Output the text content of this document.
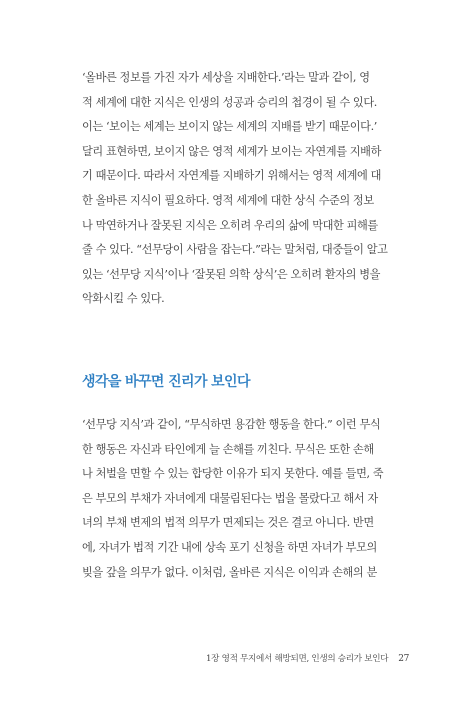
‘올바른 정보를 가진 자가 세상을 지배한다.’라는 말과 같이, 영
적 세계에 대한 지식은 인생의 성공과 승리의 첩경이 될 수 있다.
이는 ‘보이는 세계는 보이지 않는 세계의 지배를 받기 때문이다.’
달리 표현하면, 보이지 않은 영적 세계가 보이는 자연계를 지배하
기 때문이다. 따라서 자연계를 지배하기 위해서는 영적 세계에 대
한 올바른 지식이 필요하다. 영적 세계에 대한 상식 수준의 정보
나 막연하거나 잘못된 지식은 오히려 우리의 삶에 막대한 피해를
줄 수 있다. “선무당이 사람을 잡는다.”라는 말처럼, 대중들이 알고
있는 ‘선무당 지식’이나 ‘잘못된 의학 상식’은 오히려 환자의 병을
악화시킬 수 있다.
생각을 바꾸면 진리가 보인다
‘선무당 지식’과 같이, “무식하면 용감한 행동을 한다.” 이런 무식
한 행동은 자신과 타인에게 늘 손해를 끼친다. 무식은 또한 손해
나 처벌을 면할 수 있는 합당한 이유가 되지 못한다. 예를 들면, 죽
은 부모의 부채가 자녀에게 대물림된다는 법을 몰랐다고 해서 자
녀의 부채 변제의 법적 의무가 면제되는 것은 결코 아니다. 반면
에, 자녀가 법적 기간 내에 상속 포기 신청을 하면 자녀가 부모의
빚을 갚을 의무가 없다. 이처럼, 올바른 지식은 이익과 손해의 분
1장 영적 무지에서 해방되면, 인생의 승리가 보인다 27
